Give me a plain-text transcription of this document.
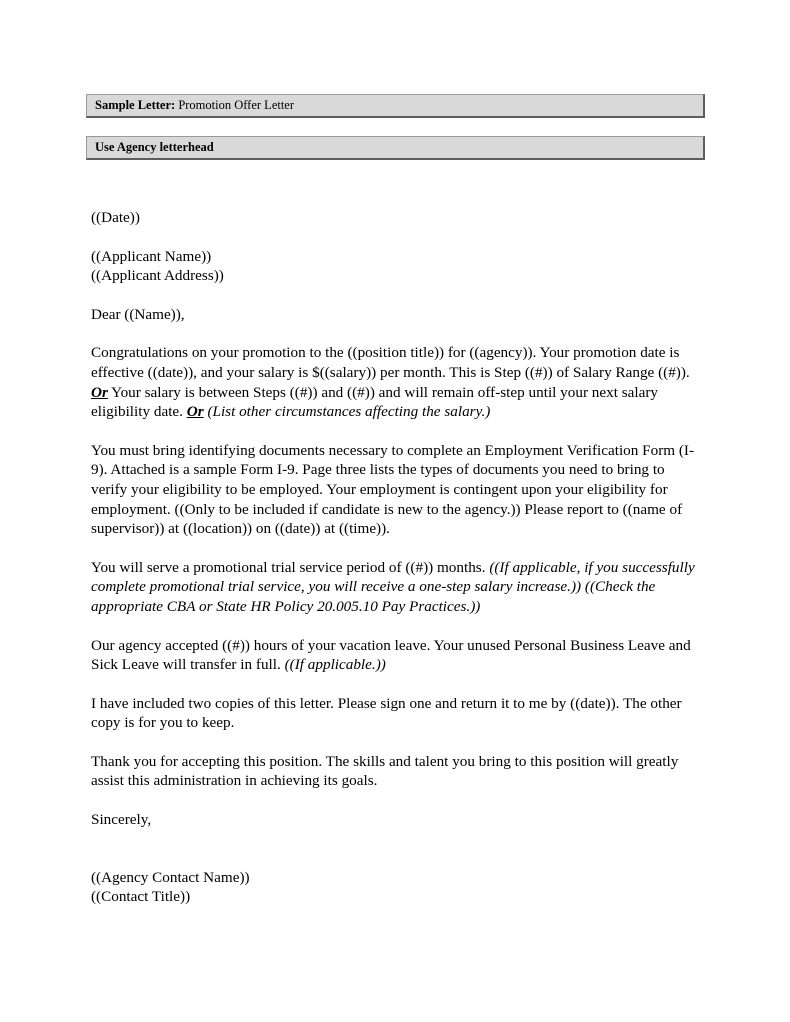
Sample Letter: Promotion Offer Letter
Use Agency letterhead

((Date))

((Applicant Name))
((Applicant Address))

Dear ((Name)),

Congratulations on your promotion to the ((position title)) for ((agency)). Your promotion date is effective ((date)), and your salary is $((salary)) per month. This is Step ((#)) of Salary Range ((#)). Or Your salary is between Steps ((#)) and ((#)) and will remain off-step until your next salary eligibility date. Or (List other circumstances affecting the salary.)

You must bring identifying documents necessary to complete an Employment Verification Form (I-9). Attached is a sample Form I-9. Page three lists the types of documents you need to bring to verify your eligibility to be employed. Your employment is contingent upon your eligibility for employment. ((Only to be included if candidate is new to the agency.)) Please report to ((name of supervisor)) at ((location)) on ((date)) at ((time)).

You will serve a promotional trial service period of ((#)) months. ((If applicable, if you successfully complete promotional trial service, you will receive a one-step salary increase.)) ((Check the appropriate CBA or State HR Policy 20.005.10 Pay Practices.))

Our agency accepted ((#)) hours of your vacation leave. Your unused Personal Business Leave and Sick Leave will transfer in full. ((If applicable.))

I have included two copies of this letter. Please sign one and return it to me by ((date)). The other copy is for you to keep.

Thank you for accepting this position. The skills and talent you bring to this position will greatly assist this administration in achieving its goals.

Sincerely,

((Agency Contact Name))
((Contact Title))
